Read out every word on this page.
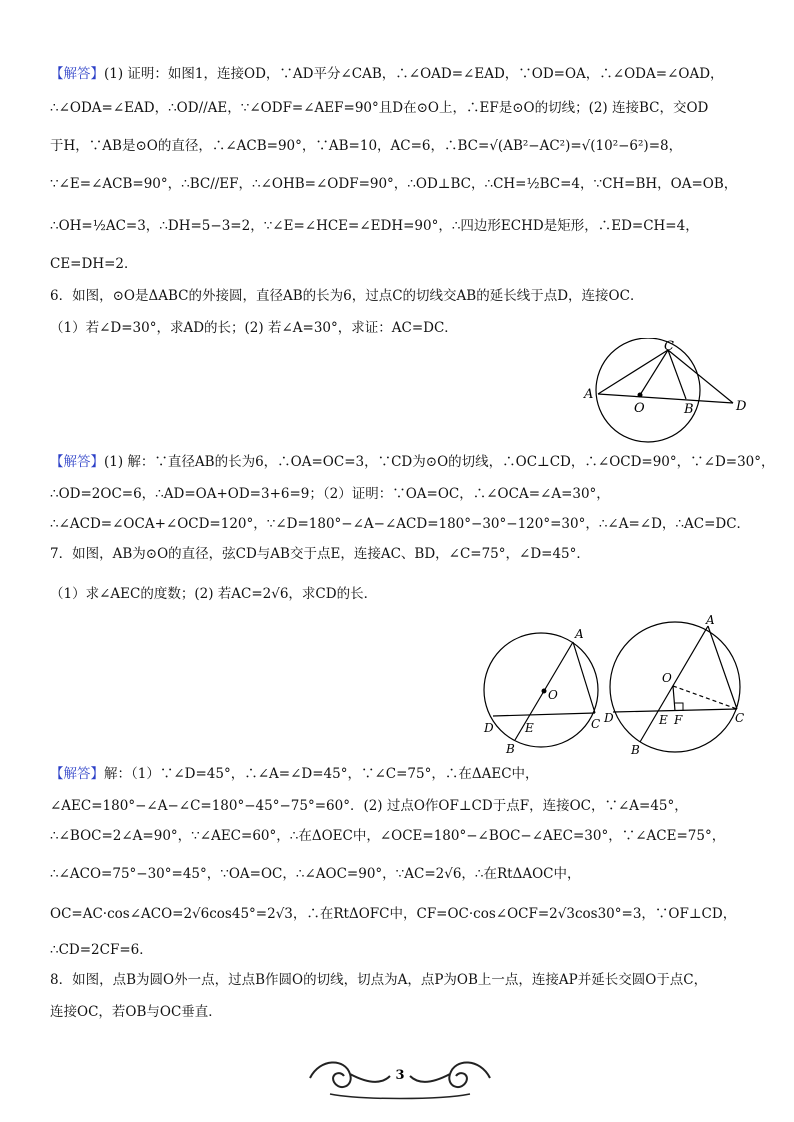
【解答】(1) 证明：如图1，连接OD，∵AD平分∠CAB，∴∠OAD=∠EAD，∵OD=OA，∴∠ODA=∠OAD，
∴∠ODA=∠EAD，∴OD//AE，∵∠ODF=∠AEF=90°且D在⊙O上，∴EF是⊙O的切线；(2) 连接BC，交OD
于H，∵AB是⊙O的直径，∴∠ACB=90°，∵AB=10，AC=6，∴BC=√(AB²−AC²)=√(10²−6²)=8，
∵∠E=∠ACB=90°，∴BC//EF，∴∠OHB=∠ODF=90°，∴OD⊥BC，∴CH=½BC=4，∵CH=BH，OA=OB，
∴OH=½AC=3，∴DH=5−3=2，∵∠E=∠HCE=∠EDH=90°，∴四边形ECHD是矩形，∴ED=CH=4，
CE=DH=2．
6．如图，⊙O是ΔABC的外接圆，直径AB的长为6，过点C的切线交AB的延长线于点D，连接OC．
（1）若∠D=30°，求AD的长；(2) 若∠A=30°，求证：AC=DC．
C
A
O	B	D
【解答】(1) 解：∵直径AB的长为6，∴OA=OC=3，∵CD为⊙O的切线，∴OC⊥CD，∴∠OCD=90°，∵∠D=30°，
∴OD=2OC=6，∴AD=OA+OD=3+6=9；（2）证明：∵OA=OC，∴∠OCA=∠A=30°，
∴∠ACD=∠OCA+∠OCD=120°，∵∠D=180°−∠A−∠ACD=180°−30°−120°=30°，∴∠A=∠D，∴AC=DC．
7．如图，AB为⊙O的直径，弦CD与AB交于点E，连接AC、BD，∠C=75°，∠D=45°．
（1）求∠AEC的度数；(2) 若AC=2√6，求CD的长．
A
O
D	E	C
B
O
A
D	E F	C
B
【解答】解：（1）∵∠D=45°，∴∠A=∠D=45°，∵∠C=75°，∴在ΔAEC中，
∠AEC=180°−∠A−∠C=180°−45°−75°=60°．(2) 过点O作OF⊥CD于点F，连接OC，∵∠A=45°，
∴∠BOC=2∠A=90°，∵∠AEC=60°，∴在ΔOEC中，∠OCE=180°−∠BOC−∠AEC=30°，∵∠ACE=75°，
∴∠ACO=75°−30°=45°，∵OA=OC，∴∠AOC=90°，∵AC=2√6，∴在RtΔAOC中，
OC=AC·cos∠ACO=2√6cos45°=2√3，∴在RtΔOFC中，CF=OC·cos∠OCF=2√3cos30°=3，∵OF⊥CD，
∴CD=2CF=6．
8．如图，点B为圆O外一点，过点B作圆O的切线，切点为A，点P为OB上一点，连接AP并延长交圆O于点C，
连接OC，若OB与OC垂直．
3
